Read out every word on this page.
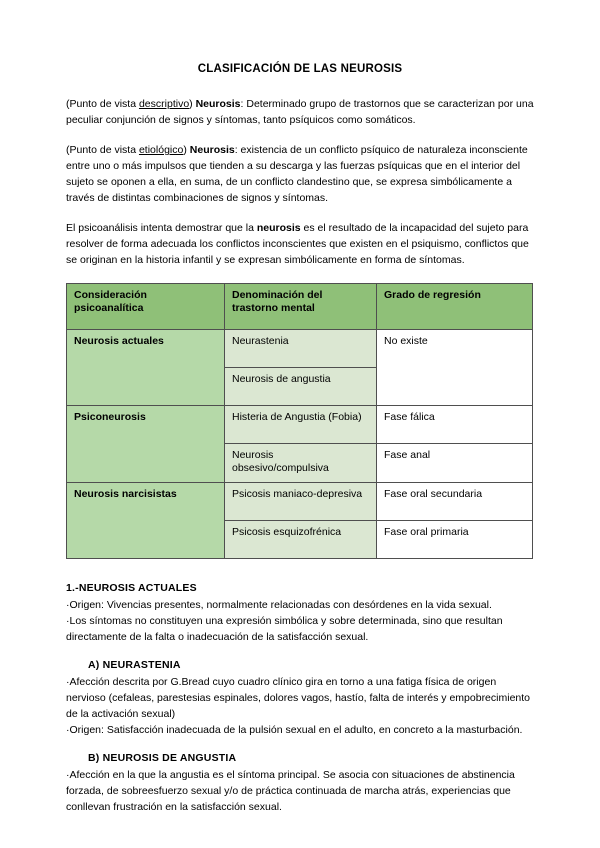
CLASIFICACIÓN DE LAS NEUROSIS

(Punto de vista descriptivo) Neurosis: Determinado grupo de trastornos que se caracterizan por una peculiar conjunción de signos y síntomas, tanto psíquicos como somáticos.

(Punto de vista etiológico) Neurosis: existencia de un conflicto psíquico de naturaleza inconsciente entre uno o más impulsos que tienden a su descarga y las fuerzas psíquicas que en el interior del sujeto se oponen a ella, en suma, de un conflicto clandestino que, se expresa simbólicamente a través de distintas combinaciones de signos y síntomas.

El psicoanálisis intenta demostrar que la neurosis es el resultado de la incapacidad del sujeto para resolver de forma adecuada los conflictos inconscientes que existen en el psiquismo, conflictos que se originan en la historia infantil y se expresan simbólicamente en forma de síntomas.

Consideración psicoanalítica	Denominación del trastorno mental	Grado de regresión
Neurosis actuales	Neurastenia	No existe
	Neurosis de angustia	
Psiconeurosis	Histeria de Angustia (Fobia)	Fase fálica
	Neurosis obsesivo/compulsiva	Fase anal
Neurosis narcisistas	Psicosis maniaco-depresiva	Fase oral secundaria
	Psicosis esquizofrénica	Fase oral primaria
1.-NEUROSIS ACTUALES

·Origen: Vivencias presentes, normalmente relacionadas con desórdenes en la vida sexual.

·Los síntomas no constituyen una expresión simbólica y sobre determinada, sino que resultan directamente de la falta o inadecuación de la satisfacción sexual.

A) NEURASTENIA

·Afección descrita por G.Bread cuyo cuadro clínico gira en torno a una fatiga física de origen nervioso (cefaleas, parestesias espinales, dolores vagos, hastío, falta de interés y empobrecimiento de la activación sexual)

·Origen: Satisfacción inadecuada de la pulsión sexual en el adulto, en concreto a la masturbación.

B) NEUROSIS DE ANGUSTIA

·Afección en la que la angustia es el síntoma principal. Se asocia con situaciones de abstinencia forzada, de sobreesfuerzo sexual y/o de práctica continuada de marcha atrás, experiencias que conllevan frustración en la satisfacción sexual.
